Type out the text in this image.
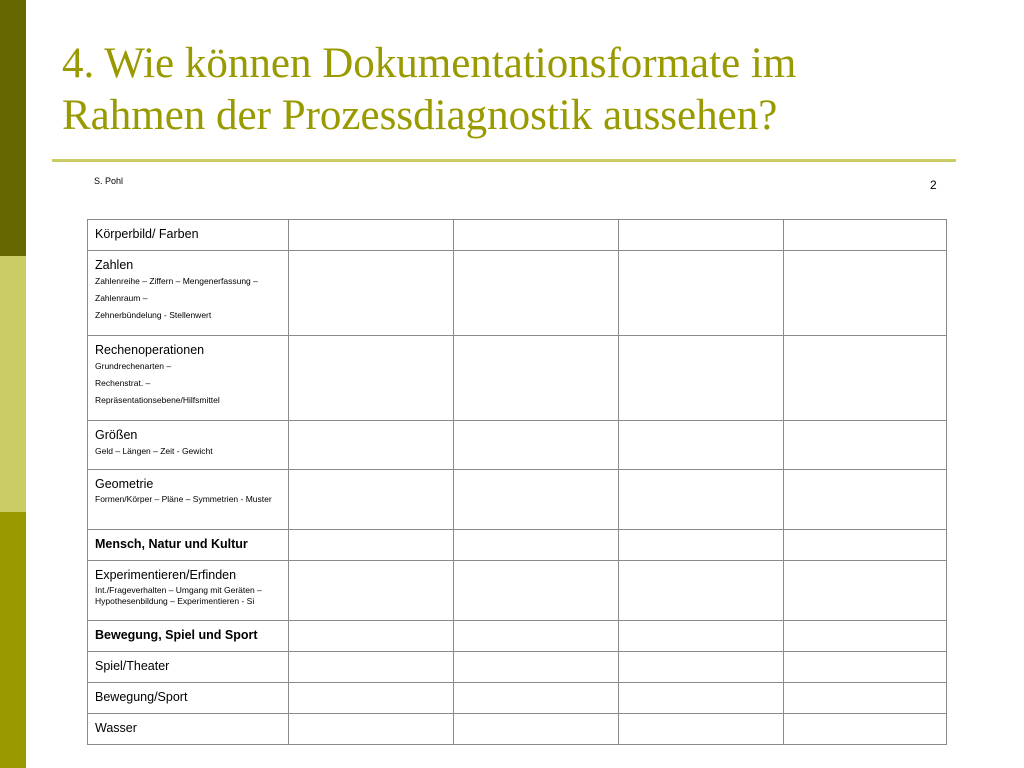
4. Wie können Dokumentationsformate im
Rahmen der Prozessdiagnostik aussehen?
S. Pohl	2
Körperbild/ Farben				

Zahlen
Zahlenreihe – Ziffern – Mengenerfassung –
Zahlenraum –
Zehnerbündelung - Stellenwert				

Rechenoperationen
Grundrechenarten –
Rechenstrat. –
Repräsentationsebene/Hilfsmittel				

Größen
Geld – Längen – Zeit - Gewicht				

Geometrie
Formen/Körper – Pläne – Symmetrien - Muster				

Mensch, Natur und Kultur				

Experimentieren/Erfinden
Int./Frageverhalten – Umgang mit Geräten – Hypothesenbildung – Experimentieren - Si				

Bewegung, Spiel und Sport				

Spiel/Theater				

Bewegung/Sport				

Wasser				
